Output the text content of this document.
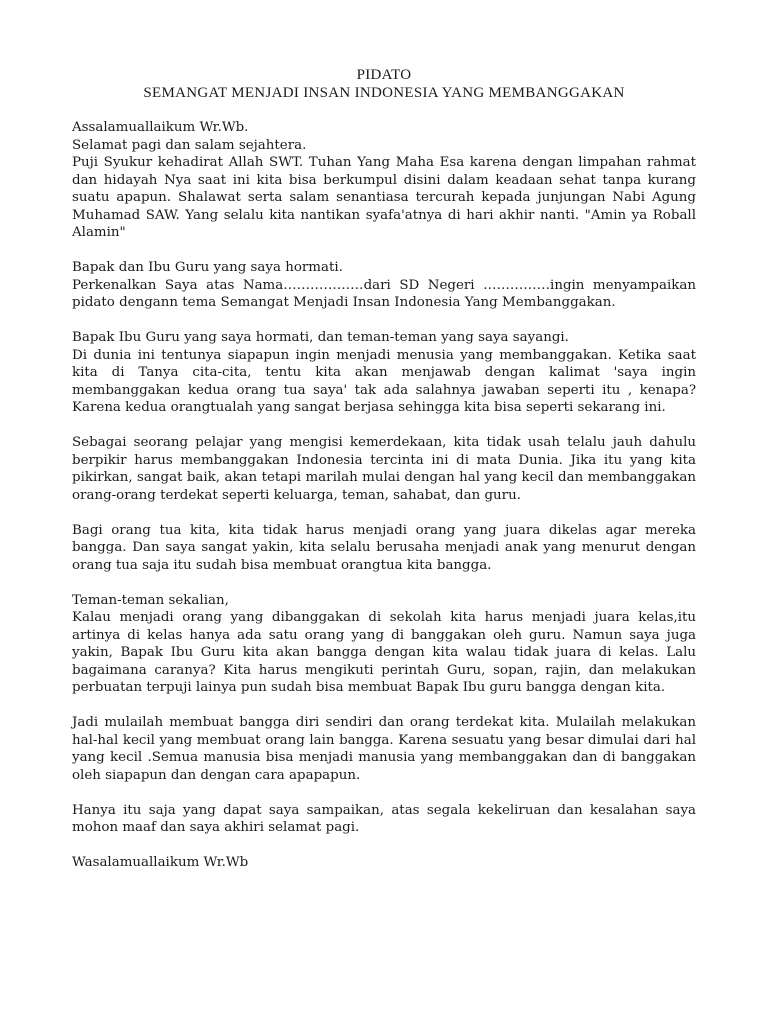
PIDATO
SEMANGAT MENJADI INSAN INDONESIA YANG MEMBANGGAKAN
Assalamuallaikum Wr.Wb.
Selamat pagi dan salam sejahtera.
Puji Syukur kehadirat Allah SWT. Tuhan Yang Maha Esa karena dengan limpahan rahmat dan hidayah Nya saat ini kita bisa berkumpul disini dalam keadaan sehat tanpa kurang suatu apapun. Shalawat serta salam senantiasa tercurah kepada junjungan Nabi Agung Muhamad SAW. Yang selalu kita nantikan syafa'atnya di hari akhir nanti. "Amin ya Roball Alamin"
Bapak dan Ibu Guru yang saya hormati.
Perkenalkan Saya atas Nama………………dari SD Negeri ……………ingin menyampaikan pidato dengann tema Semangat Menjadi Insan Indonesia Yang Membanggakan.
Bapak Ibu Guru yang saya hormati, dan teman-teman yang saya sayangi.
Di dunia ini tentunya siapapun ingin menjadi menusia yang membanggakan. Ketika saat kita di Tanya cita-cita, tentu kita akan menjawab dengan kalimat 'saya ingin membanggakan kedua orang tua saya' tak ada salahnya jawaban seperti itu , kenapa? Karena kedua orangtualah yang sangat berjasa sehingga kita bisa seperti sekarang ini.
Sebagai seorang pelajar yang mengisi kemerdekaan, kita tidak usah telalu jauh dahulu berpikir harus membanggakan Indonesia tercinta ini di mata Dunia. Jika itu yang kita pikirkan, sangat baik, akan tetapi marilah mulai dengan hal yang kecil dan membanggakan orang-orang terdekat seperti keluarga, teman, sahabat, dan guru.
Bagi orang tua kita, kita tidak harus menjadi orang yang juara dikelas agar mereka bangga. Dan saya sangat yakin, kita selalu berusaha menjadi anak yang menurut dengan orang tua saja itu sudah bisa membuat orangtua kita bangga.
Teman-teman sekalian,
Kalau menjadi orang yang dibanggakan di sekolah kita harus menjadi juara kelas,itu artinya di kelas hanya ada satu orang yang di banggakan oleh guru. Namun saya juga yakin, Bapak Ibu Guru kita akan bangga dengan kita walau tidak juara di kelas. Lalu bagaimana caranya? Kita harus mengikuti perintah Guru, sopan, rajin, dan melakukan perbuatan terpuji lainya pun sudah bisa membuat Bapak Ibu guru bangga dengan kita.
Jadi mulailah membuat bangga diri sendiri dan orang terdekat kita. Mulailah melakukan hal-hal kecil yang membuat orang lain bangga. Karena sesuatu yang besar dimulai dari hal yang kecil .Semua manusia bisa menjadi manusia yang membanggakan dan di banggakan oleh siapapun dan dengan cara apapapun.
Hanya itu saja yang dapat saya sampaikan, atas segala kekeliruan dan kesalahan saya mohon maaf dan saya akhiri selamat pagi.
Wasalamuallaikum Wr.Wb
